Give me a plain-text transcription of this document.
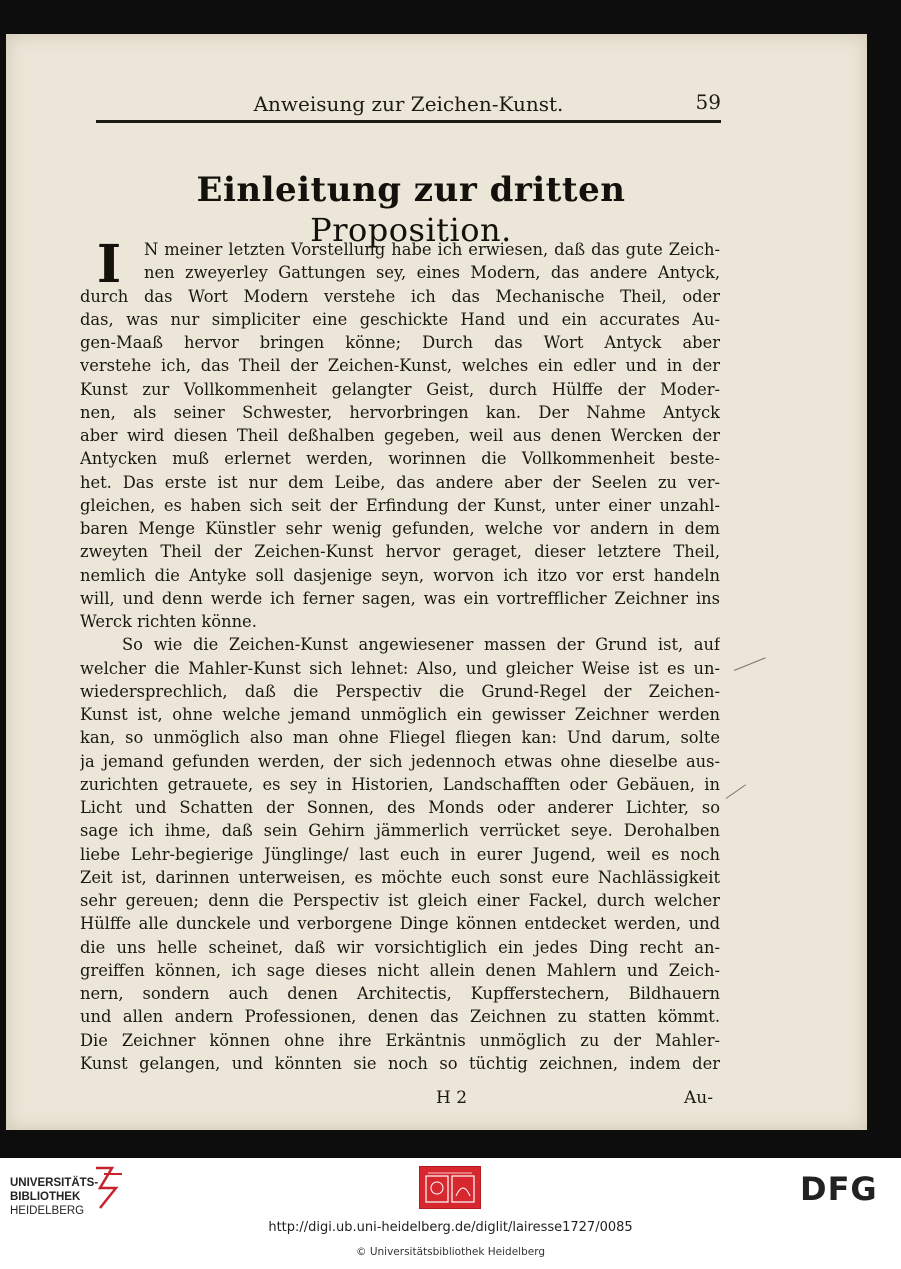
Anweisung zur Zeichen-Kunst.	59
Einleitung zur dritten Proposition.
I	N meiner letzten Vorstellung habe ich erwiesen, daß das gute Zeich-
nen zweyerley Gattungen sey, eines Modern, das andere Antyck,
durch das Wort Modern verstehe ich das Mechanische Theil, oder
das, was nur simpliciter eine geschickte Hand und ein accurates Au-
gen-Maaß hervor bringen könne; Durch das Wort Antyck aber
verstehe ich, das Theil der Zeichen-Kunst, welches ein edler und in der
Kunst zur Vollkommenheit gelangter Geist, durch Hülffe der Moder-
nen, als seiner Schwester, hervorbringen kan. Der Nahme Antyck
aber wird diesen Theil deßhalben gegeben, weil aus denen Wercken der
Antycken muß erlernet werden, worinnen die Vollkommenheit beste-
het. Das erste ist nur dem Leibe, das andere aber der Seelen zu ver-
gleichen, es haben sich seit der Erfindung der Kunst, unter einer unzahl-
baren Menge Künstler sehr wenig gefunden, welche vor andern in dem
zweyten Theil der Zeichen-Kunst hervor geraget, dieser letztere Theil,
nemlich die Antyke soll dasjenige seyn, worvon ich itzo vor erst handeln
will, und denn werde ich ferner sagen, was ein vortrefflicher Zeichner ins
Werck richten könne.
So wie die Zeichen-Kunst angewiesener massen der Grund ist, auf
welcher die Mahler-Kunst sich lehnet: Also, und gleicher Weise ist es un-
wiedersprechlich, daß die Perspectiv die Grund-Regel der Zeichen-
Kunst ist, ohne welche jemand unmöglich ein gewisser Zeichner werden
kan, so unmöglich also man ohne Fliegel fliegen kan: Und darum, solte
ja jemand gefunden werden, der sich jedennoch etwas ohne dieselbe aus-
zurichten getrauete, es sey in Historien, Landschafften oder Gebäuen, in
Licht und Schatten der Sonnen, des Monds oder anderer Lichter, so
sage ich ihme, daß sein Gehirn jämmerlich verrücket seye. Derohalben
liebe Lehr-begierige Jünglinge/ last euch in eurer Jugend, weil es noch
Zeit ist, darinnen unterweisen, es möchte euch sonst eure Nachlässigkeit
sehr gereuen; denn die Perspectiv ist gleich einer Fackel, durch welcher
Hülffe alle dunckele und verborgene Dinge können entdecket werden, und
die uns helle scheinet, daß wir vorsichtiglich ein jedes Ding recht an-
greiffen können, ich sage dieses nicht allein denen Mahlern und Zeich-
nern, sondern auch denen Architectis, Kupfferstechern, Bildhauern
und allen andern Professionen, denen das Zeichnen zu statten kömmt.
Die Zeichner können ohne ihre Erkäntnis unmöglich zu der Mahler-
Kunst gelangen, und könnten sie noch so tüchtig zeichnen, indem der
H 2	Au-
UNIVERSITÄTS-
BIBLIOTHEK
HEIDELBERG
DFG
http://digi.ub.uni-heidelberg.de/diglit/lairesse1727/0085
© Universitätsbibliothek Heidelberg
